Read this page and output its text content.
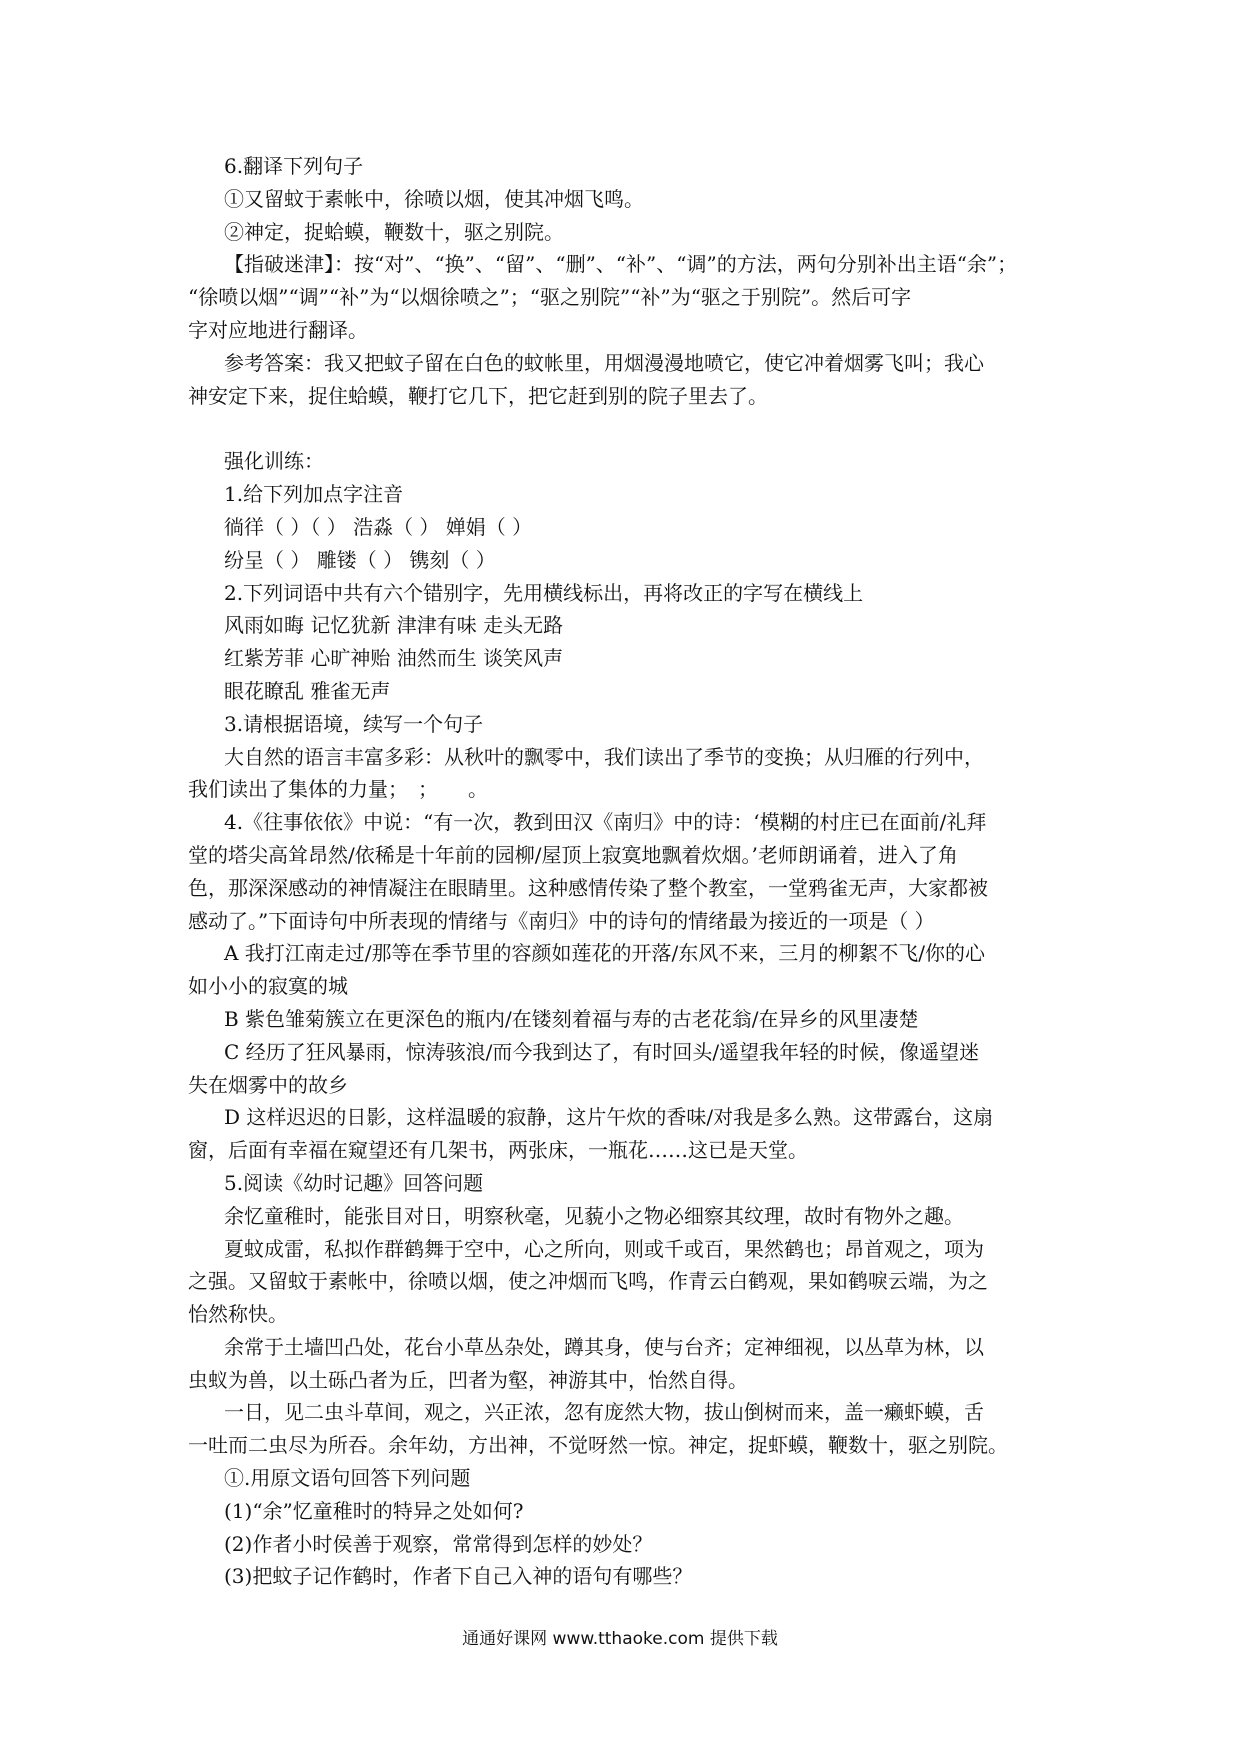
6.翻译下列句子
①又留蚊于素帐中，徐喷以烟，使其冲烟飞鸣。
②神定，捉蛤蟆，鞭数十，驱之别院。
【指破迷津】：按“对”、“换”、“留”、“删”、“补”、“调”的方法，两句分别补出主语“余”；
“徐喷以烟”“调”“补”为“以烟徐喷之”；“驱之别院”“补”为“驱之于别院”。然后可字
字对应地进行翻译。
参考答案：我又把蚊子留在白色的蚊帐里，用烟漫漫地喷它，使它冲着烟雾飞叫；我心
神安定下来，捉住蛤蟆，鞭打它几下，把它赶到别的院子里去了。
强化训练：
1.给下列加点字注音
徜徉（ ）（ ） 浩淼（ ） 婵娟（ ）
纷呈（ ） 雕镂（ ） 镌刻（ ）
2.下列词语中共有六个错别字，先用横线标出，再将改正的字写在横线上
风雨如晦 记忆犹新 津津有味 走头无路
红紫芳菲 心旷神贻 油然而生 谈笑风声
眼花瞭乱 雅雀无声
3.请根据语境，续写一个句子
大自然的语言丰富多彩：从秋叶的飘零中，我们读出了季节的变换；从归雁的行列中，
我们读出了集体的力量；　；　　。
4.《往事依依》中说：“有一次，教到田汉《南归》中的诗：‘模糊的村庄已在面前/礼拜
堂的塔尖高耸昂然/依稀是十年前的园柳/屋顶上寂寞地飘着炊烟。’老师朗诵着，进入了角
色，那深深感动的神情凝注在眼睛里。这种感情传染了整个教室，一堂鸦雀无声，大家都被
感动了。”下面诗句中所表现的情绪与《南归》中的诗句的情绪最为接近的一项是（ ）
A 我打江南走过/那等在季节里的容颜如莲花的开落/东风不来，三月的柳絮不飞/你的心
如小小的寂寞的城
B 紫色雏菊簇立在更深色的瓶内/在镂刻着福与寿的古老花翁/在异乡的风里凄楚
C 经历了狂风暴雨，惊涛骇浪/而今我到达了，有时回头/遥望我年轻的时候，像遥望迷
失在烟雾中的故乡
D 这样迟迟的日影，这样温暖的寂静，这片午炊的香味/对我是多么熟。这带露台，这扇
窗，后面有幸福在窥望还有几架书，两张床，一瓶花……这已是天堂。
5.阅读《幼时记趣》回答问题
余忆童稚时，能张目对日，明察秋毫，见藐小之物必细察其纹理，故时有物外之趣。
夏蚊成雷，私拟作群鹤舞于空中，心之所向，则或千或百，果然鹤也；昂首观之，项为
之强。又留蚊于素帐中，徐喷以烟，使之冲烟而飞鸣，作青云白鹤观，果如鹤唳云端，为之
怡然称快。
余常于土墙凹凸处，花台小草丛杂处，蹲其身，使与台齐；定神细视，以丛草为林，以
虫蚁为兽，以土砾凸者为丘，凹者为壑，神游其中，怡然自得。
一日，见二虫斗草间，观之，兴正浓，忽有庞然大物，拔山倒树而来，盖一癞虾蟆，舌
一吐而二虫尽为所吞。余年幼，方出神，不觉呀然一惊。神定，捉虾蟆，鞭数十，驱之别院。
①.用原文语句回答下列问题
(1)“余”忆童稚时的特异之处如何?
(2)作者小时侯善于观察，常常得到怎样的妙处？
(3)把蚊子记作鹤时，作者下自己入神的语句有哪些？
通通好课网 www.tthaoke.com 提供下载
